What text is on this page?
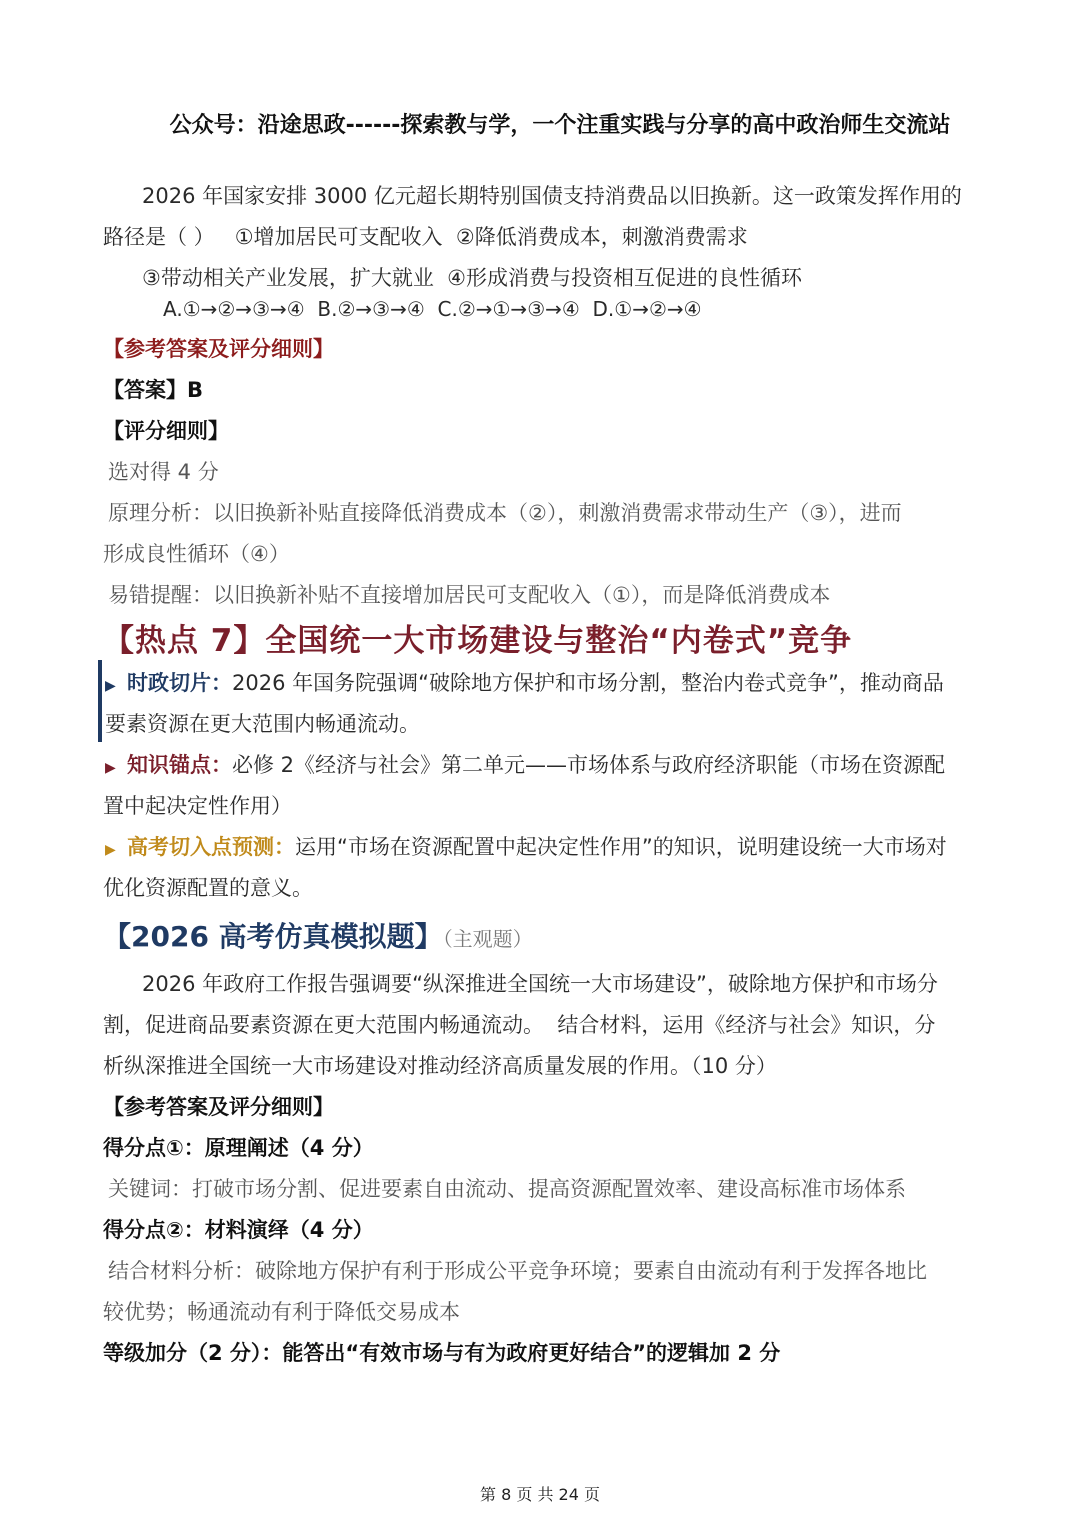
公众号：沿途思政------探索教与学，一个注重实践与分享的高中政治师生交流站
2026 年国家安排 3000 亿元超长期特别国债支持消费品以旧换新。这一政策发挥作用的
路径是（ ）   ①增加居民可支配收入  ②降低消费成本，刺激消费需求
③带动相关产业发展，扩大就业  ④形成消费与投资相互促进的良性循环
A.①→②→③→④  B.②→③→④  C.②→①→③→④  D.①→②→④
【参考答案及评分细则】
【答案】B
【评分细则】
选对得 4 分
原理分析：以旧换新补贴直接降低消费成本（②），刺激消费需求带动生产（③），进而
形成良性循环（④）
易错提醒：以旧换新补贴不直接增加居民可支配收入（①），而是降低消费成本
【热点 7】全国统一大市场建设与整治“内卷式”竞争
▶ 时政切片：2026 年国务院强调“破除地方保护和市场分割，整治内卷式竞争”，推动商品
要素资源在更大范围内畅通流动。
▶ 知识锚点：必修 2《经济与社会》第二单元——市场体系与政府经济职能（市场在资源配
置中起决定性作用）
▶ 高考切入点预测：运用“市场在资源配置中起决定性作用”的知识，说明建设统一大市场对
优化资源配置的意义。
【2026 高考仿真模拟题】（主观题）
2026 年政府工作报告强调要“纵深推进全国统一大市场建设”，破除地方保护和市场分
割，促进商品要素资源在更大范围内畅通流动。  结合材料，运用《经济与社会》知识，分
析纵深推进全国统一大市场建设对推动经济高质量发展的作用。（10 分）
【参考答案及评分细则】
得分点①：原理阐述（4 分）
关键词：打破市场分割、促进要素自由流动、提高资源配置效率、建设高标准市场体系
得分点②：材料演绎（4 分）
结合材料分析：破除地方保护有利于形成公平竞争环境；要素自由流动有利于发挥各地比
较优势；畅通流动有利于降低交易成本
等级加分（2 分）：能答出“有效市场与有为政府更好结合”的逻辑加 2 分
第 8 页 共 24 页
